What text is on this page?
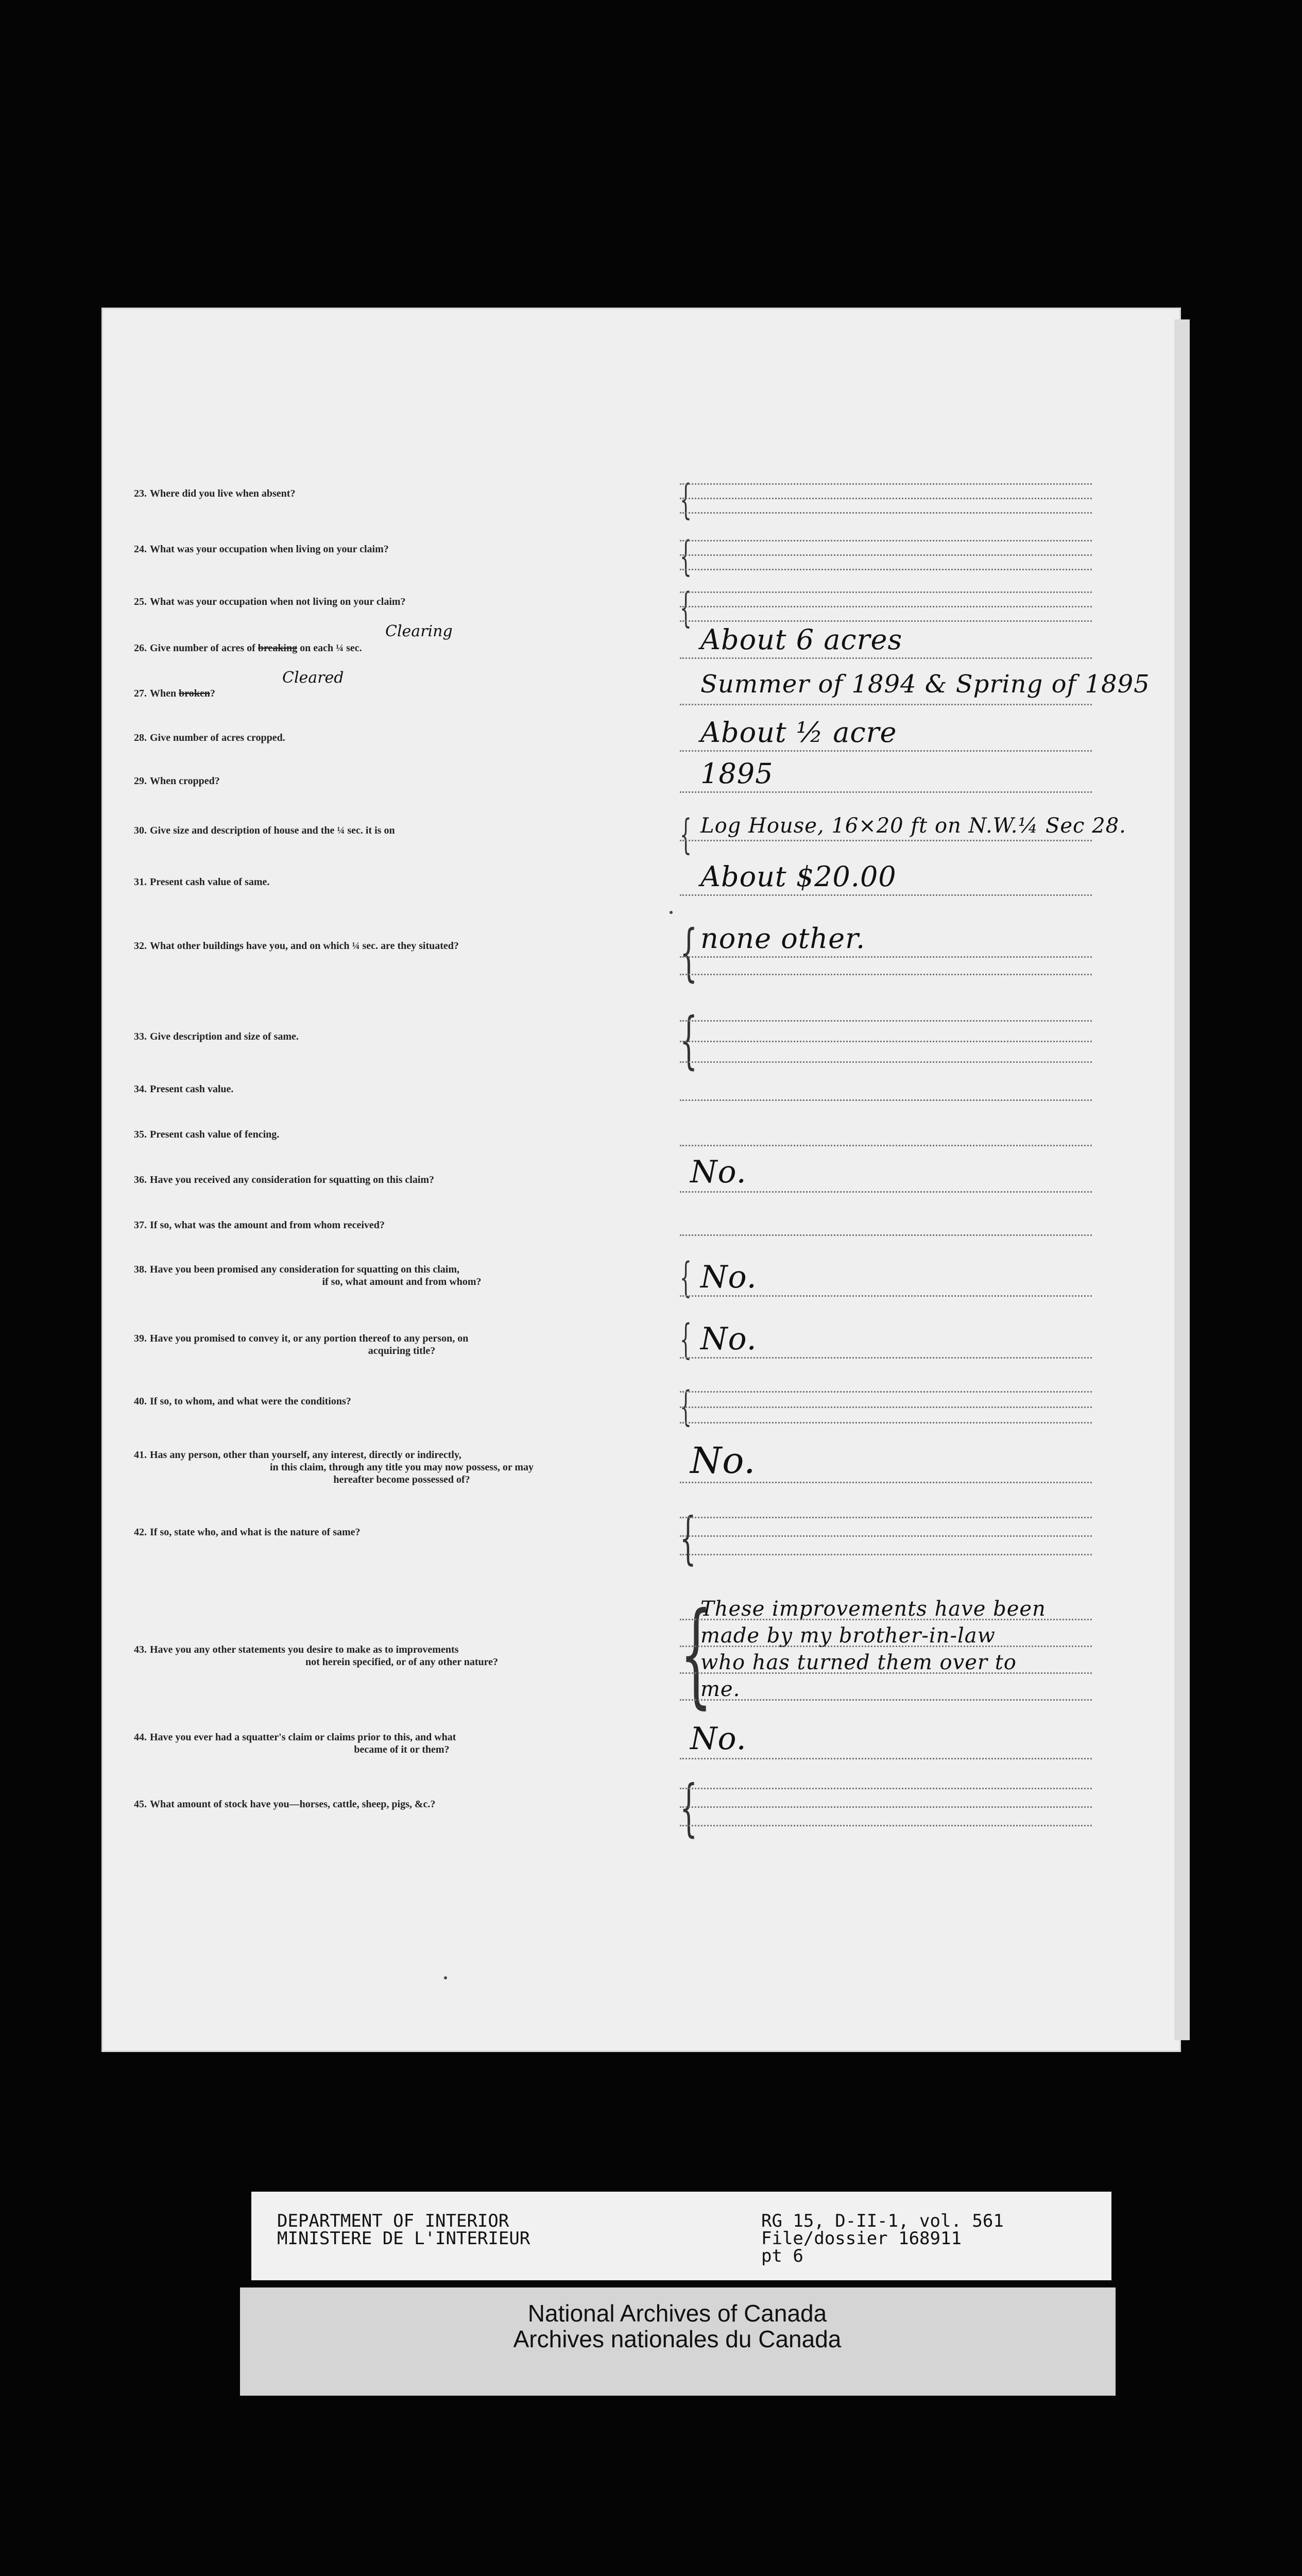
23. Where did you live when absent?	{
24. What was your occupation when living on your claim?	{
25. What was your occupation when not living on your claim?	{
Clearing
26. Give number of acres of breaking on each ¼ sec.	About 6 acres
Cleared
27. When broken?	Summer of 1894 & Spring of 1895
28. Give number of acres cropped.	About ½ acre
29. When cropped?	1895
30. Give size and description of house and the ¼ sec. it is on	{ Log House, 16×20 ft on N.W.¼ Sec 28.
31. Present cash value of same.	About $20.00
32. What other buildings have you, and on which ¼ sec. are they situated?	{ none other.
33. Give description and size of same.	{
34. Present cash value.
35. Present cash value of fencing.
36. Have you received any consideration for squatting on this claim?	No.
37. If so, what was the amount and from whom received?
38. Have you been promised any consideration for squatting on this claim,
if so, what amount and from whom?	{ No.
39. Have you promised to convey it, or any portion thereof to any person, on
acquiring title?	{ No.
40. If so, to whom, and what were the conditions?	{
41. Has any person, other than yourself, any interest, directly or indirectly,
in this claim, through any title you may now possess, or may
hereafter become possessed of?	No.
42. If so, state who, and what is the nature of same?	{
43. Have you any other statements you desire to make as to improvements
not herein specified, or of any other nature?	{
These improvements have been
made by my brother-in-law
who has turned them over to
me.
44. Have you ever had a squatter's claim or claims prior to this, and what
became of it or them?	No.
45. What amount of stock have you—horses, cattle, sheep, pigs, &c.?	{
DEPARTMENT OF INTERIOR
MINISTERE DE L'INTERIEUR
RG 15, D-II-1, vol. 561
File/dossier 168911
pt 6
National Archives of Canada
Archives nationales du Canada
